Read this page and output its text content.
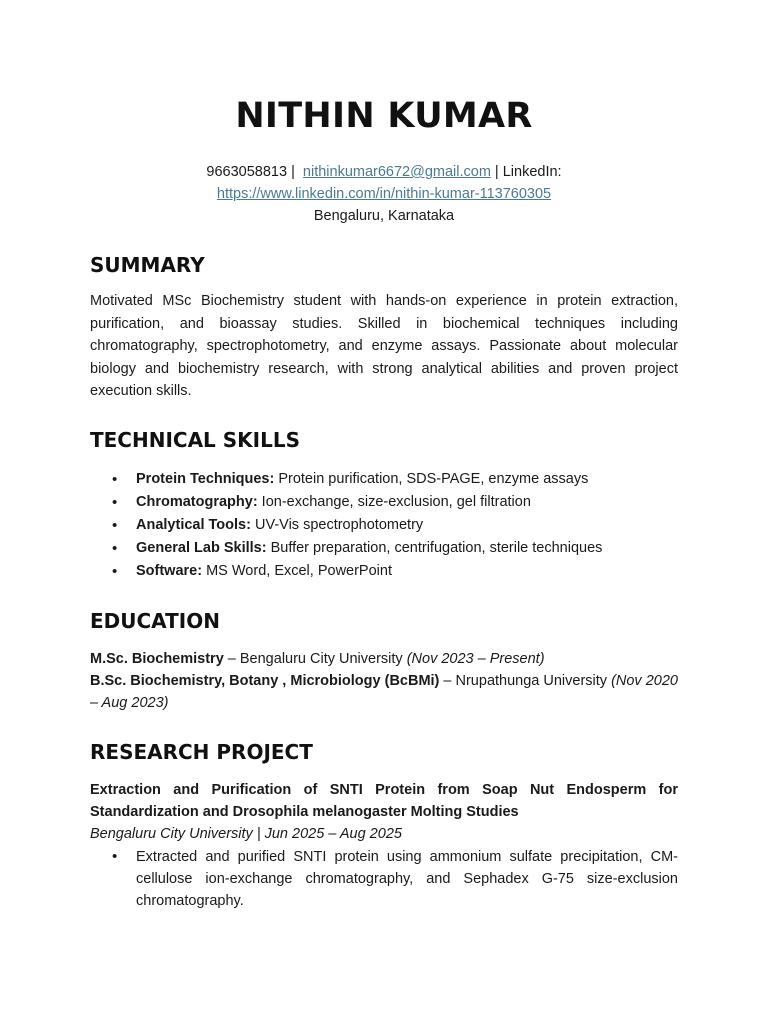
NITHIN KUMAR
9663058813 | nithinkumar6672@gmail.com | LinkedIn:
https://www.linkedin.com/in/nithin-kumar-113760305
Bengaluru, Karnataka
SUMMARY

Motivated MSc Biochemistry student with hands-on experience in protein extraction, purification, and bioassay studies. Skilled in biochemical techniques including chromatography, spectrophotometry, and enzyme assays. Passionate about molecular biology and biochemistry research, with strong analytical abilities and proven project execution skills.

TECHNICAL SKILLS
• Protein Techniques: Protein purification, SDS-PAGE, enzyme assays
• Chromatography: Ion-exchange, size-exclusion, gel filtration
• Analytical Tools: UV-Vis spectrophotometry
• General Lab Skills: Buffer preparation, centrifugation, sterile techniques
• Software: MS Word, Excel, PowerPoint
EDUCATION
M.Sc. Biochemistry – Bengaluru City University (Nov 2023 – Present)
B.Sc. Biochemistry, Botany , Microbiology (BcBMi) – Nrupathunga University (Nov 2020 – Aug 2023)
RESEARCH PROJECT

Extraction and Purification of SNTI Protein from Soap Nut Endosperm for Standardization and Drosophila melanogaster Molting Studies

Bengaluru City University | Jun 2025 – Aug 2025
• Extracted and purified SNTI protein using ammonium sulfate precipitation, CM-cellulose ion-exchange chromatography, and Sephadex G-75 size-exclusion chromatography.
